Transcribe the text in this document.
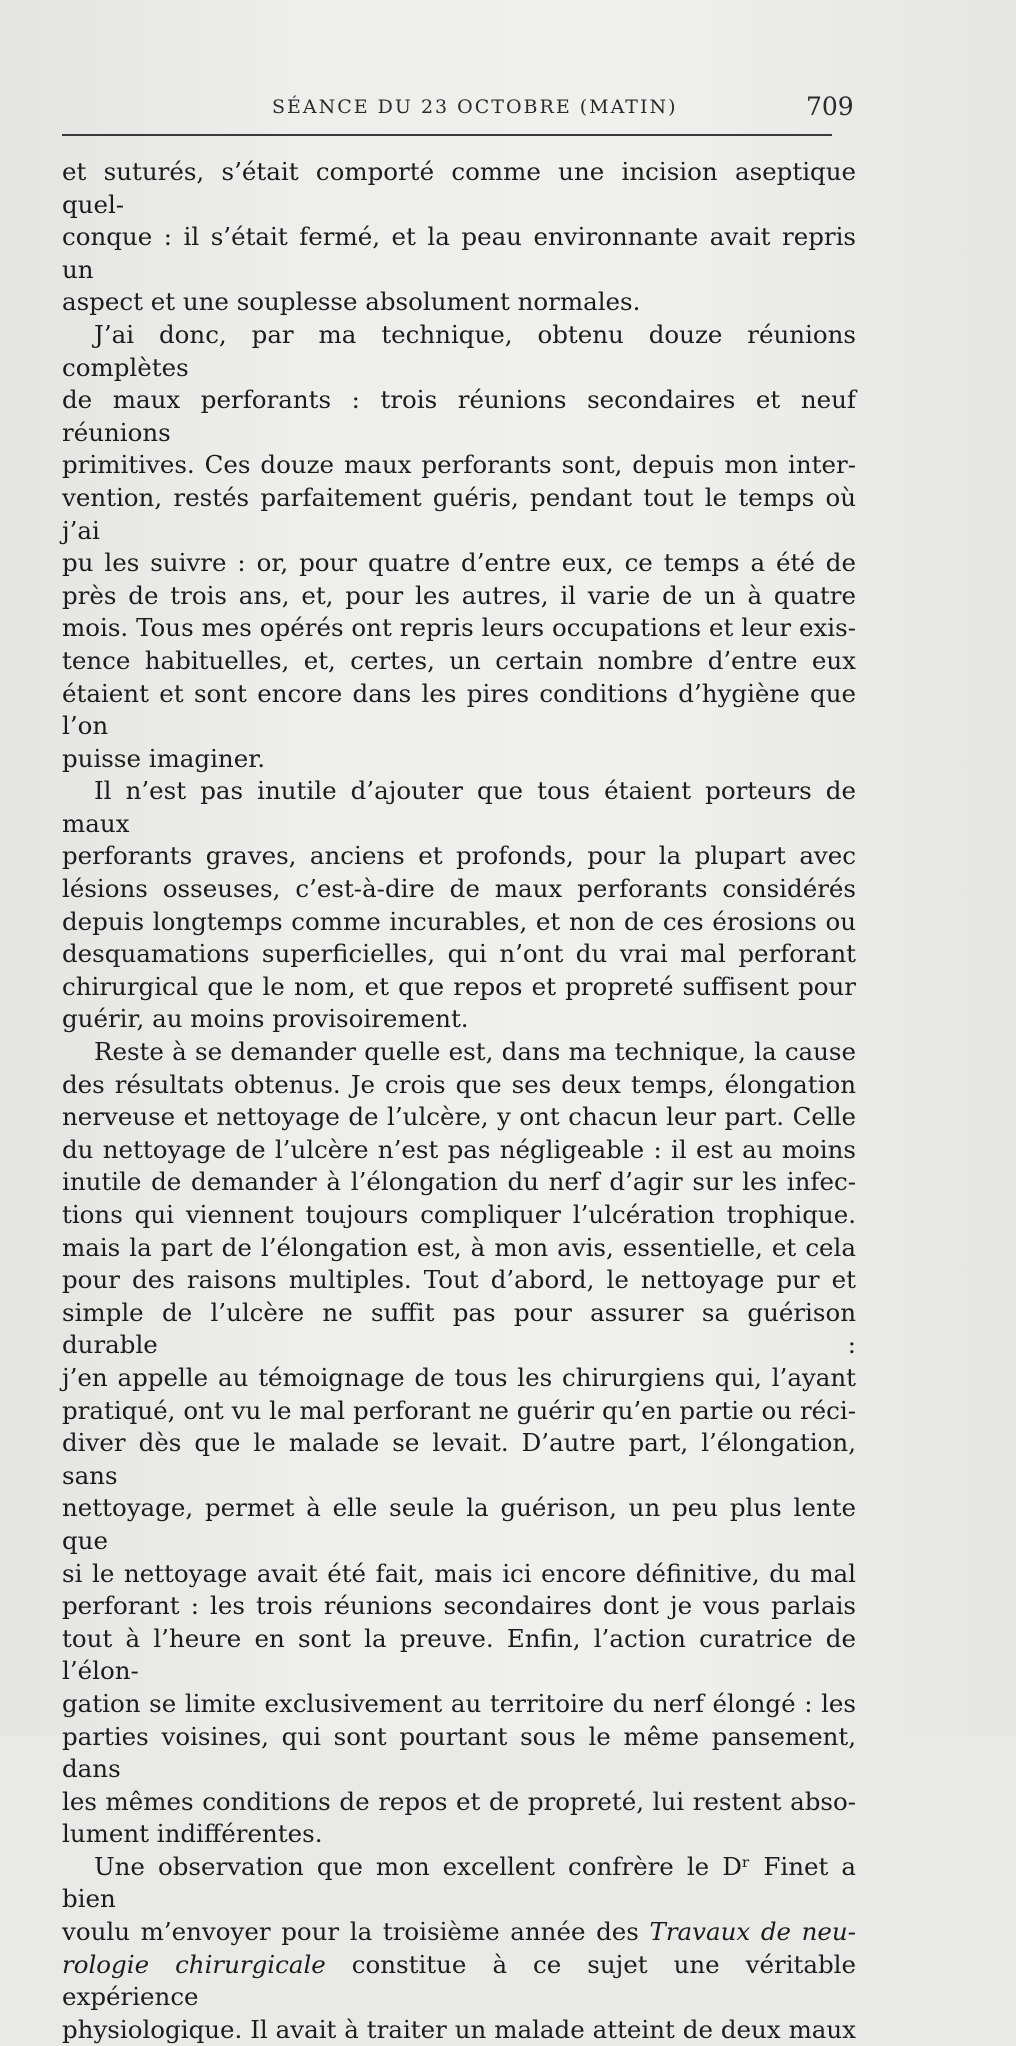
SÉANCE DU 23 OCTOBRE (MATIN)	709

et suturés, s’était comporté comme une incision aseptique quel-
conque : il s’était fermé, et la peau environnante avait repris un
aspect et une souplesse absolument normales.

J’ai donc, par ma technique, obtenu douze réunions complètes
de maux perforants : trois réunions secondaires et neuf réunions
primitives. Ces douze maux perforants sont, depuis mon inter-
vention, restés parfaitement guéris, pendant tout le temps où j’ai
pu les suivre : or, pour quatre d’entre eux, ce temps a été de
près de trois ans, et, pour les autres, il varie de un à quatre
mois. Tous mes opérés ont repris leurs occupations et leur exis-
tence habituelles, et, certes, un certain nombre d’entre eux
étaient et sont encore dans les pires conditions d’hygiène que l’on
puisse imaginer.

Il n’est pas inutile d’ajouter que tous étaient porteurs de maux
perforants graves, anciens et profonds, pour la plupart avec
lésions osseuses, c’est-à-dire de maux perforants considérés
depuis longtemps comme incurables, et non de ces érosions ou
desquamations superficielles, qui n’ont du vrai mal perforant
chirurgical que le nom, et que repos et propreté suffisent pour
guérir, au moins provisoirement.

Reste à se demander quelle est, dans ma technique, la cause
des résultats obtenus. Je crois que ses deux temps, élongation
nerveuse et nettoyage de l’ulcère, y ont chacun leur part. Celle
du nettoyage de l’ulcère n’est pas négligeable : il est au moins
inutile de demander à l’élongation du nerf d’agir sur les infec-
tions qui viennent toujours compliquer l’ulcération trophique.
mais la part de l’élongation est, à mon avis, essentielle, et cela
pour des raisons multiples. Tout d’abord, le nettoyage pur et
simple de l’ulcère ne suffit pas pour assurer sa guérison durable :
j’en appelle au témoignage de tous les chirurgiens qui, l’ayant
pratiqué, ont vu le mal perforant ne guérir qu’en partie ou réci-
diver dès que le malade se levait. D’autre part, l’élongation, sans
nettoyage, permet à elle seule la guérison, un peu plus lente que
si le nettoyage avait été fait, mais ici encore définitive, du mal
perforant : les trois réunions secondaires dont je vous parlais
tout à l’heure en sont la preuve. Enfin, l’action curatrice de l’élon-
gation se limite exclusivement au territoire du nerf élongé : les
parties voisines, qui sont pourtant sous le même pansement, dans
les mêmes conditions de repos et de propreté, lui restent abso-
lument indifférentes.

Une observation que mon excellent confrère le Dʳ Finet a bien
voulu m’envoyer pour la troisième année des Travaux de neu-
rologie chirurgicale constitue à ce sujet une véritable expérience
physiologique. Il avait à traiter un malade atteint de deux maux
